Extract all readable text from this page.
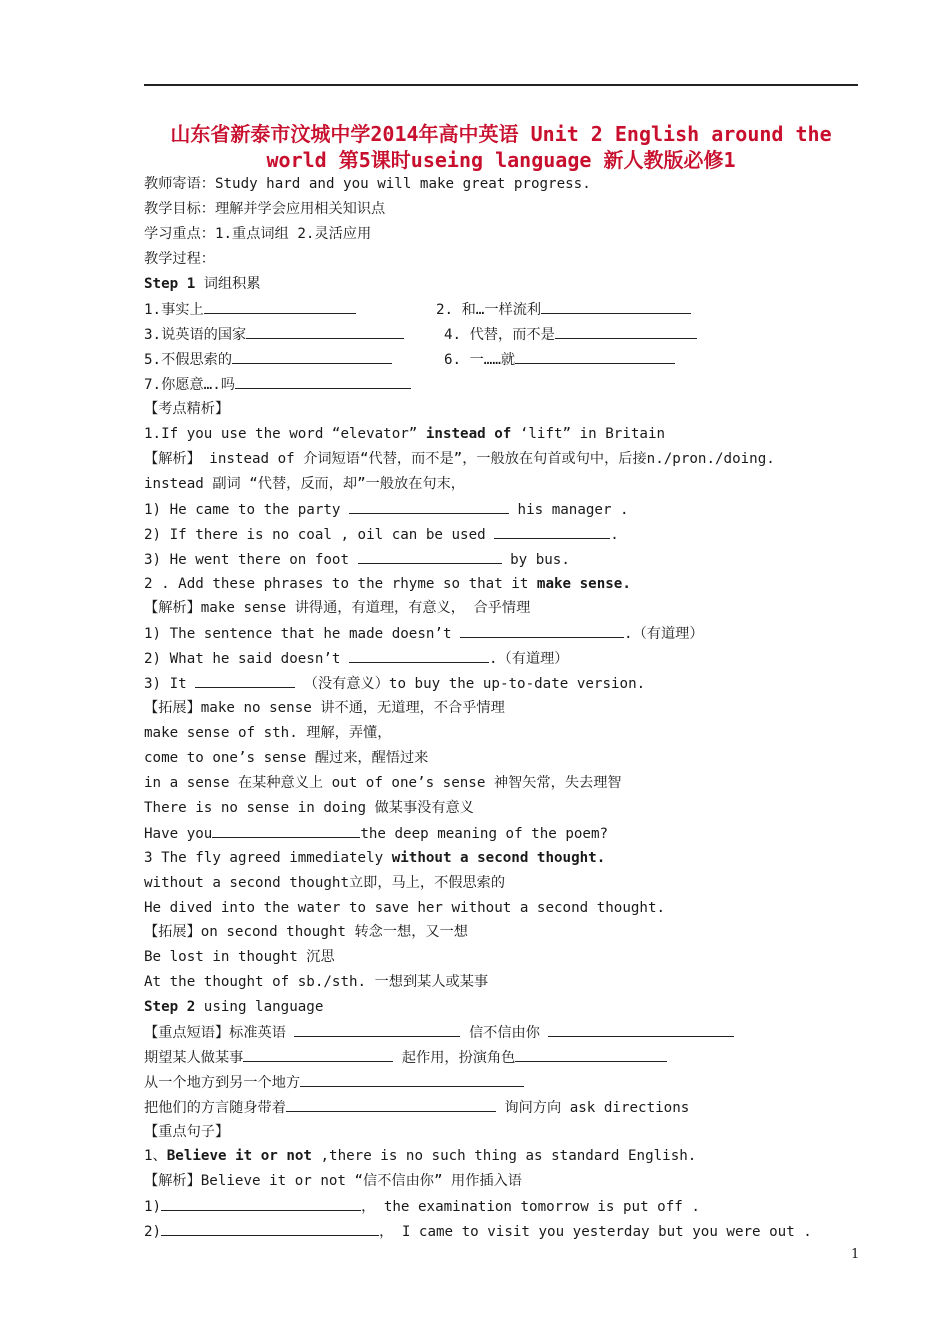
山东省新泰市汶城中学2014年高中英语 Unit 2 English around the
world 第5课时useing language 新人教版必修1
教师寄语：Study hard and you will make great progress.
教学目标：理解并学会应用相关知识点
学习重点：1.重点词组 2.灵活应用
教学过程：
Step 1 词组积累
1.事实上	2. 和…一样流利
3.说英语的国家	4. 代替，而不是
5.不假思索的	6. 一……就
7.你愿意….吗
【考点精析】
1.If you use the word “elevator” instead of ‘lift” in Britain
【解析】 instead of 介词短语“代替，而不是”，一般放在句首或句中，后接n./pron./doing.
instead 副词 “代替，反而，却”一般放在句末，
1) He came to the party	his manager .
2) If there is no coal , oil can be used	.
3) He went there on foot	by bus.
2 . Add these phrases to the rhyme so that it make sense.
【解析】make sense 讲得通，有道理，有意义， 合乎情理
1) The sentence that he made doesn’t	.（有道理）
2) What he said doesn’t	.（有道理）
3) It	（没有意义）to buy the up-to-date version.
【拓展】make no sense 讲不通，无道理，不合乎情理
make sense of sth. 理解，弄懂，
come to one’s sense 醒过来，醒悟过来
in a sense 在某种意义上 out of one’s sense 神智矢常，失去理智
There is no sense in doing 做某事没有意义
Have you	the deep meaning of the poem?
3 The fly agreed immediately without a second thought.
without a second thought立即，马上，不假思索的
He dived into the water to save her without a second thought.
【拓展】on second thought 转念一想，又一想
Be lost in thought 沉思
At the thought of sb./sth. 一想到某人或某事
Step 2 using language
【重点短语】标准英语	信不信由你
期望某人做某事	起作用，扮演角色
从一个地方到另一个地方
把他们的方言随身带着	询问方向 ask directions
【重点句子】
1、Believe it or not ,there is no such thing as standard English.
【解析】Believe it or not “信不信由你” 用作插入语
1)	， the examination tomorrow is put off .
2)	， I came to visit you yesterday but you were out .
1
